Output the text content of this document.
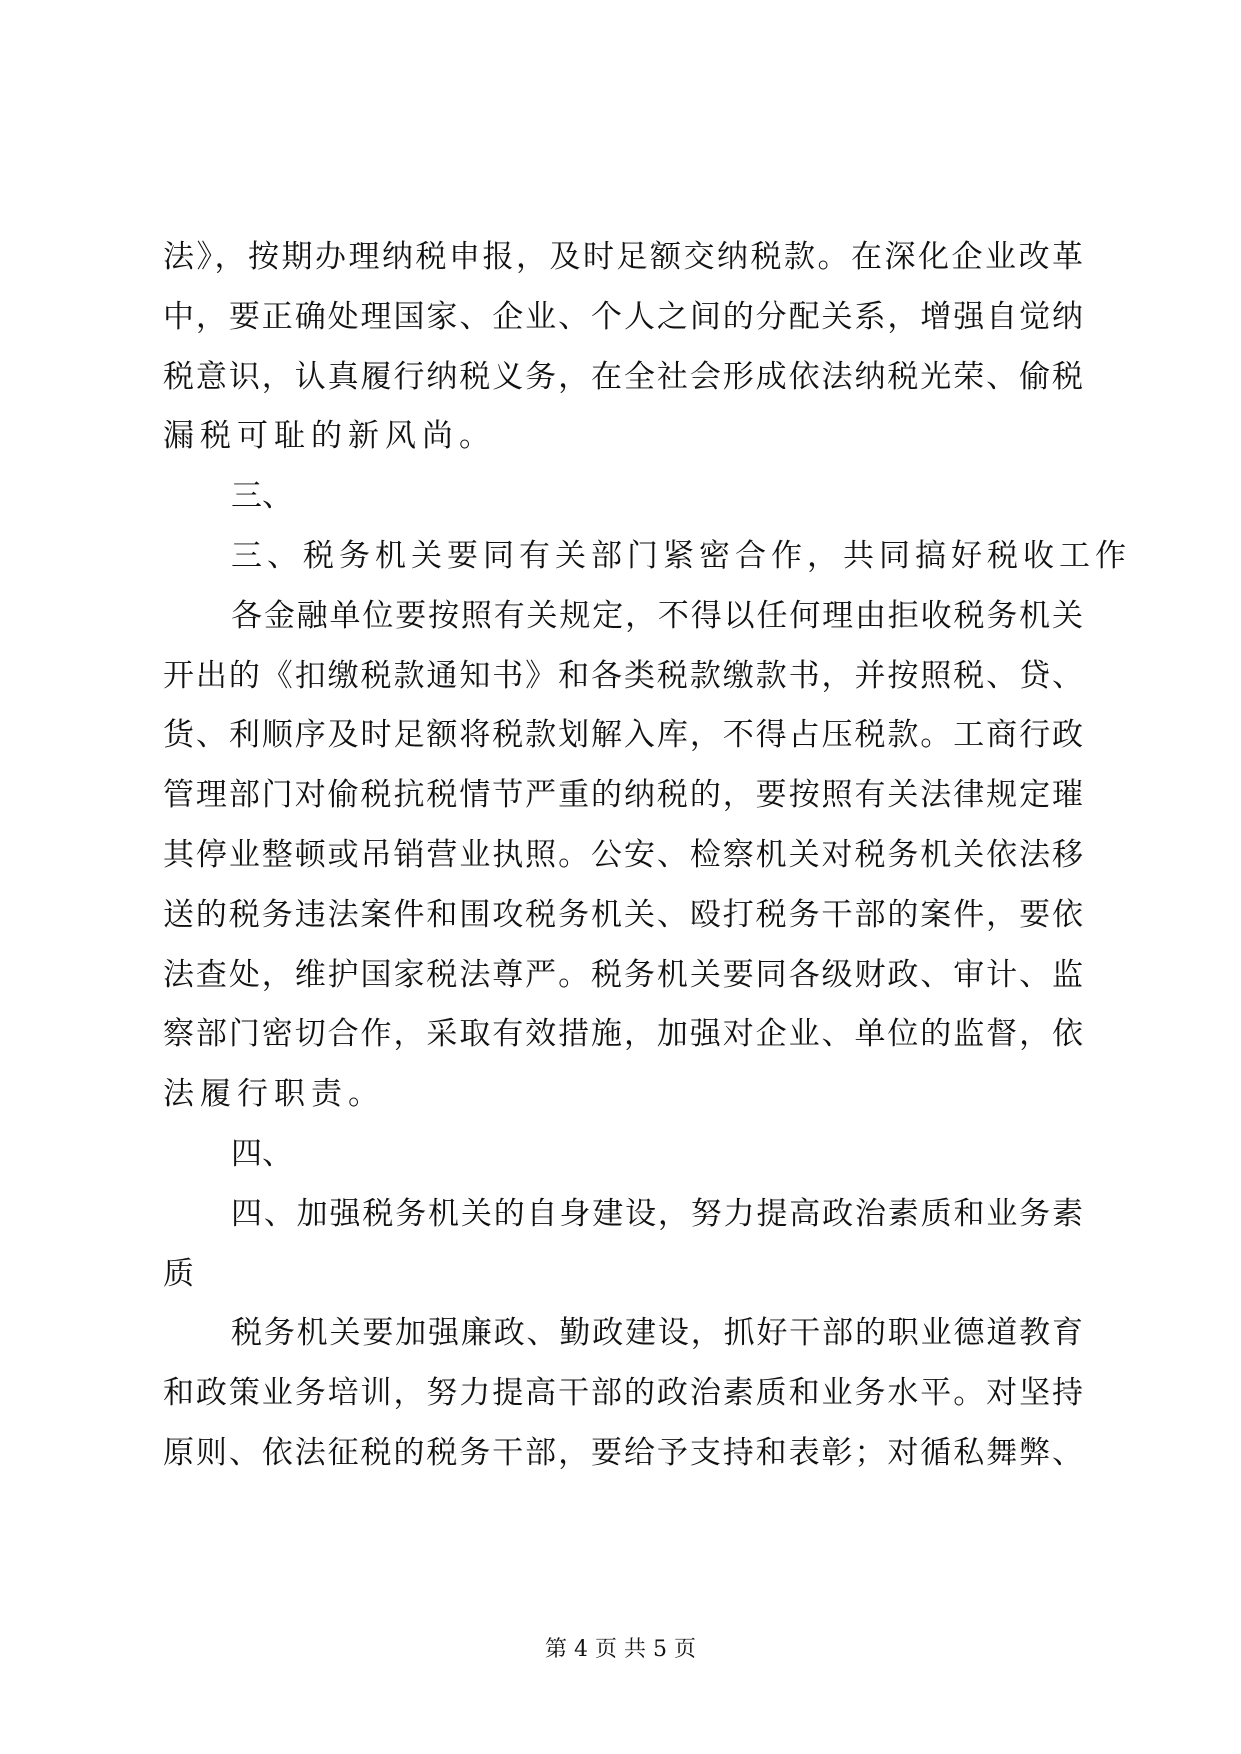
法》，按期办理纳税申报，及时足额交纳税款。在深化企业改革
中，要正确处理国家、企业、个人之间的分配关系，增强自觉纳
税意识，认真履行纳税义务，在全社会形成依法纳税光荣、偷税
漏税可耻的新风尚。
三、
三、税务机关要同有关部门紧密合作，共同搞好税收工作
各金融单位要按照有关规定，不得以任何理由拒收税务机关
开出的《扣缴税款通知书》和各类税款缴款书，并按照税、贷、
货、利顺序及时足额将税款划解入库，不得占压税款。工商行政
管理部门对偷税抗税情节严重的纳税的，要按照有关法律规定璀
其停业整顿或吊销营业执照。公安、检察机关对税务机关依法移
送的税务违法案件和围攻税务机关、殴打税务干部的案件，要依
法查处，维护国家税法尊严。税务机关要同各级财政、审计、监
察部门密切合作，采取有效措施，加强对企业、单位的监督，依
法履行职责。
四、
四、加强税务机关的自身建设，努力提高政治素质和业务素
质
税务机关要加强廉政、勤政建设，抓好干部的职业德道教育
和政策业务培训，努力提高干部的政治素质和业务水平。对坚持
原则、依法征税的税务干部，要给予支持和表彰；对循私舞弊、
第 4 页 共 5 页
